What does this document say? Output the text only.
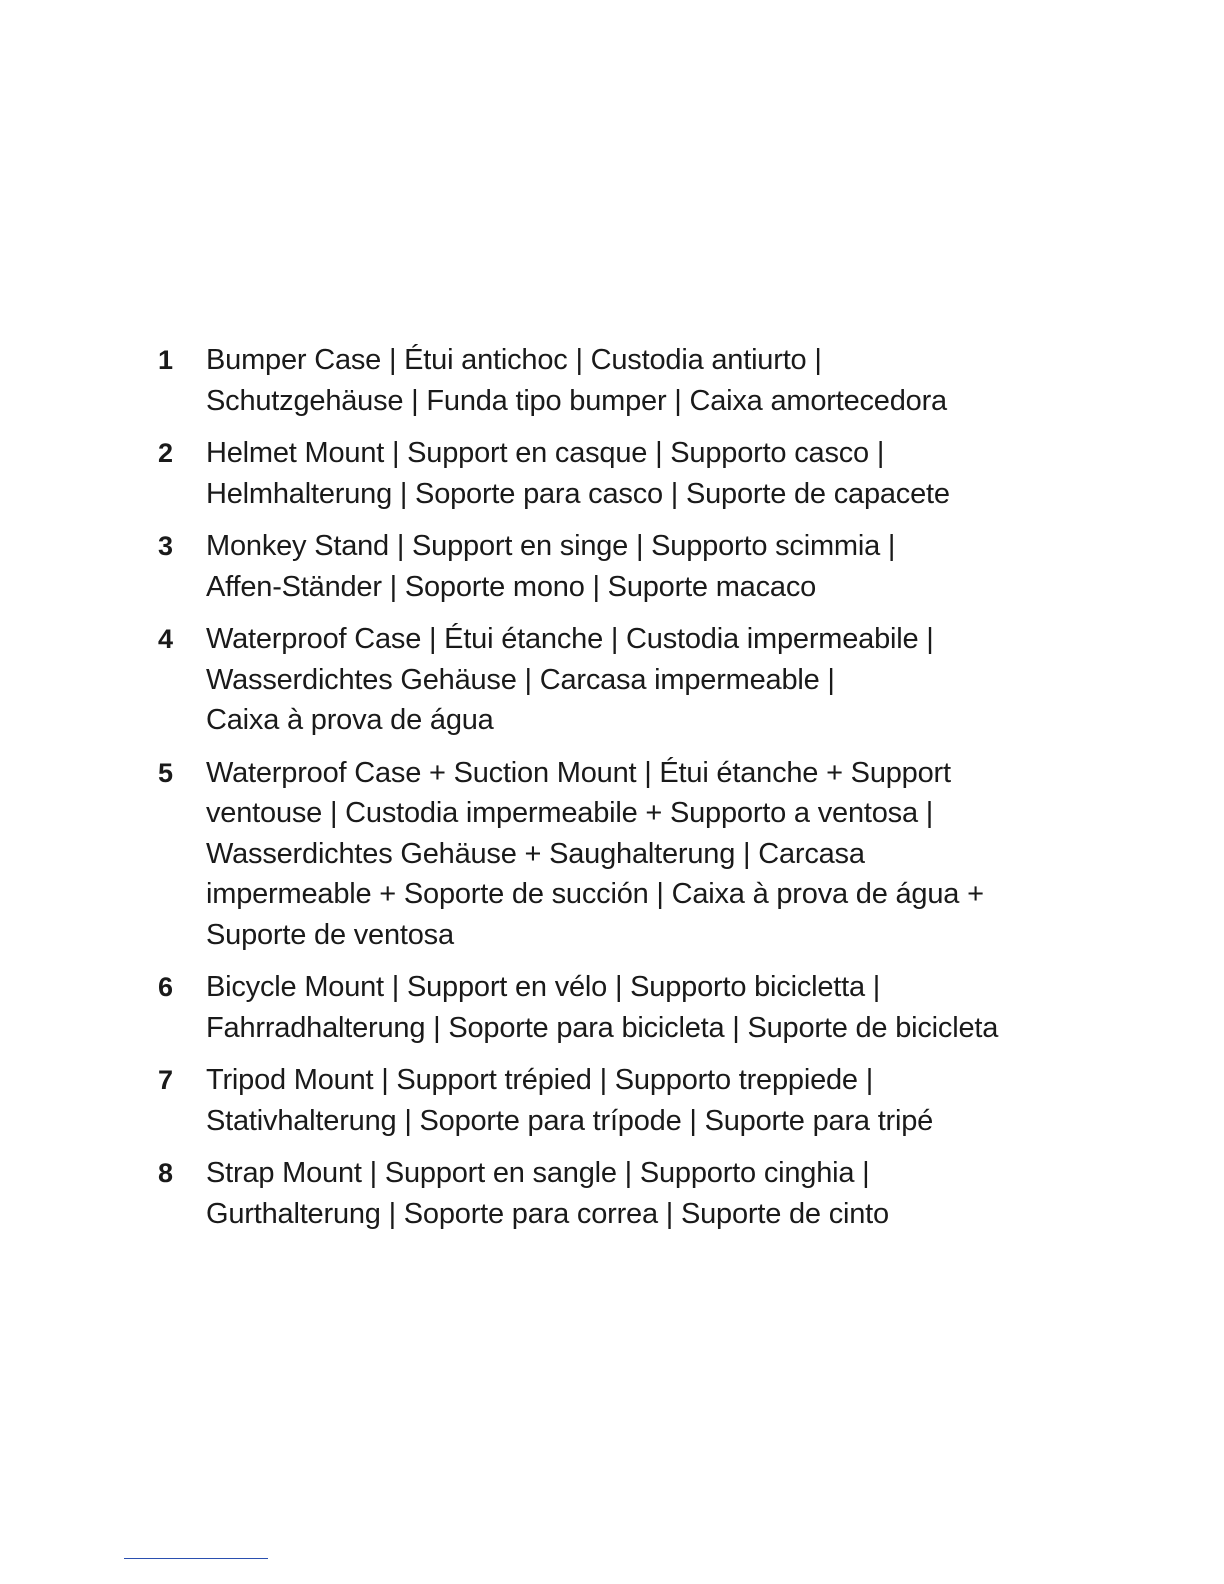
1	Bumper Case | Étui antichoc | Custodia antiurto |
Schutzgehäuse | Funda tipo bumper | Caixa amortecedora
2	Helmet Mount | Support en casque | Supporto casco |
Helmhalterung | Soporte para casco | Suporte de capacete
3	Monkey Stand | Support en singe | Supporto scimmia |
Affen-Ständer | Soporte mono | Suporte macaco
4	Waterproof Case | Étui étanche | Custodia impermeabile |
Wasserdichtes Gehäuse | Carcasa impermeable |
Caixa à prova de água
5	Waterproof Case + Suction Mount | Étui étanche + Support
ventouse | Custodia impermeabile + Supporto a ventosa |
Wasserdichtes Gehäuse + Saughalterung | Carcasa
impermeable + Soporte de succión | Caixa à prova de água +
Suporte de ventosa
6	Bicycle Mount | Support en vélo | Supporto bicicletta |
Fahrradhalterung | Soporte para bicicleta | Suporte de bicicleta
7	Tripod Mount | Support trépied | Supporto treppiede |
Stativhalterung | Soporte para trípode | Suporte para tripé
8	Strap Mount | Support en sangle | Supporto cinghia |
Gurthalterung | Soporte para correa | Suporte de cinto
